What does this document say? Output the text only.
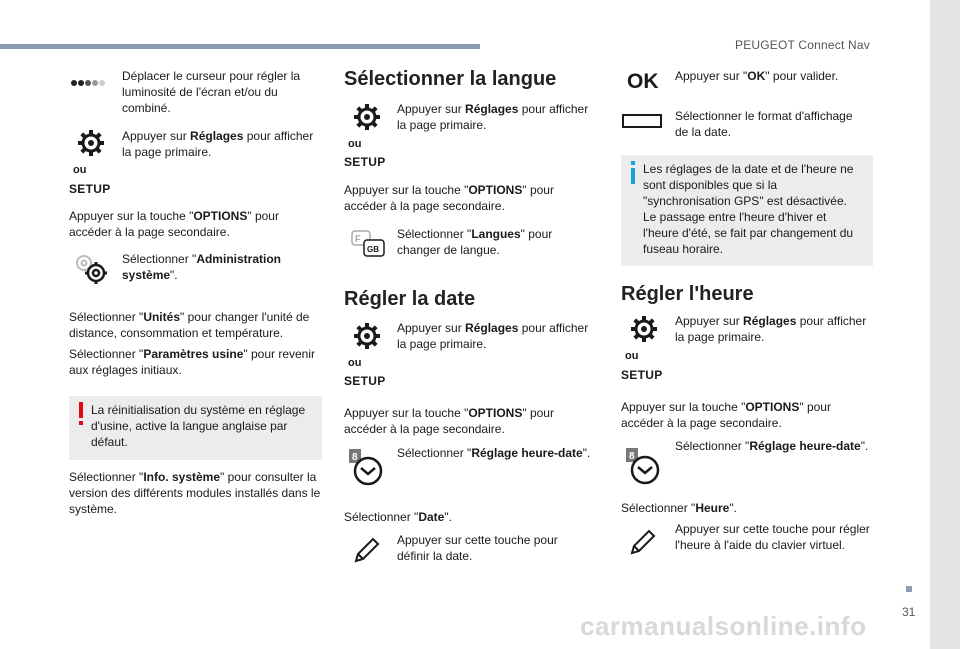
PEUGEOT Connect Nav
31
carmanualsonline.info
Déplacer le curseur pour régler la luminosité de l'écran et/ou du combiné.
ou
SETUP
Appuyer sur Réglages pour afficher la page primaire.
Appuyer sur la touche "OPTIONS" pour accéder à la page secondaire.
Sélectionner "Administration système".
Sélectionner "Unités" pour changer l'unité de distance, consommation et température.
Sélectionner "Paramètres usine" pour revenir aux réglages initiaux.
La réinitialisation du système en réglage d'usine, active la langue anglaise par défaut.
Sélectionner "Info. système" pour consulter la version des différents modules installés dans le système.
Sélectionner la langue
ou
SETUP
Appuyer sur Réglages pour afficher la page primaire.
Appuyer sur la touche "OPTIONS" pour accéder à la page secondaire.
F
GB
Sélectionner "Langues" pour changer de langue.
Régler la date
ou
SETUP
Appuyer sur Réglages pour afficher la page primaire.
Appuyer sur la touche "OPTIONS" pour accéder à la page secondaire.
8	Sélectionner "Réglage heure-date".
Sélectionner "Date".
Appuyer sur cette touche pour définir la date.
OK Appuyer sur "OK" pour valider.
Sélectionner le format d'affichage de la date.
Les réglages de la date et de l'heure ne sont disponibles que si la "synchronisation GPS" est désactivée.
Le passage entre l'heure d'hiver et l'heure d'été, se fait par changement du fuseau horaire.
Régler l'heure
ou
SETUP
Appuyer sur Réglages pour afficher la page primaire.
Appuyer sur la touche "OPTIONS" pour accéder à la page secondaire.
8
Sélectionner "Réglage heure-date".
Sélectionner "Heure".
Appuyer sur cette touche pour régler l'heure à l'aide du clavier virtuel.
